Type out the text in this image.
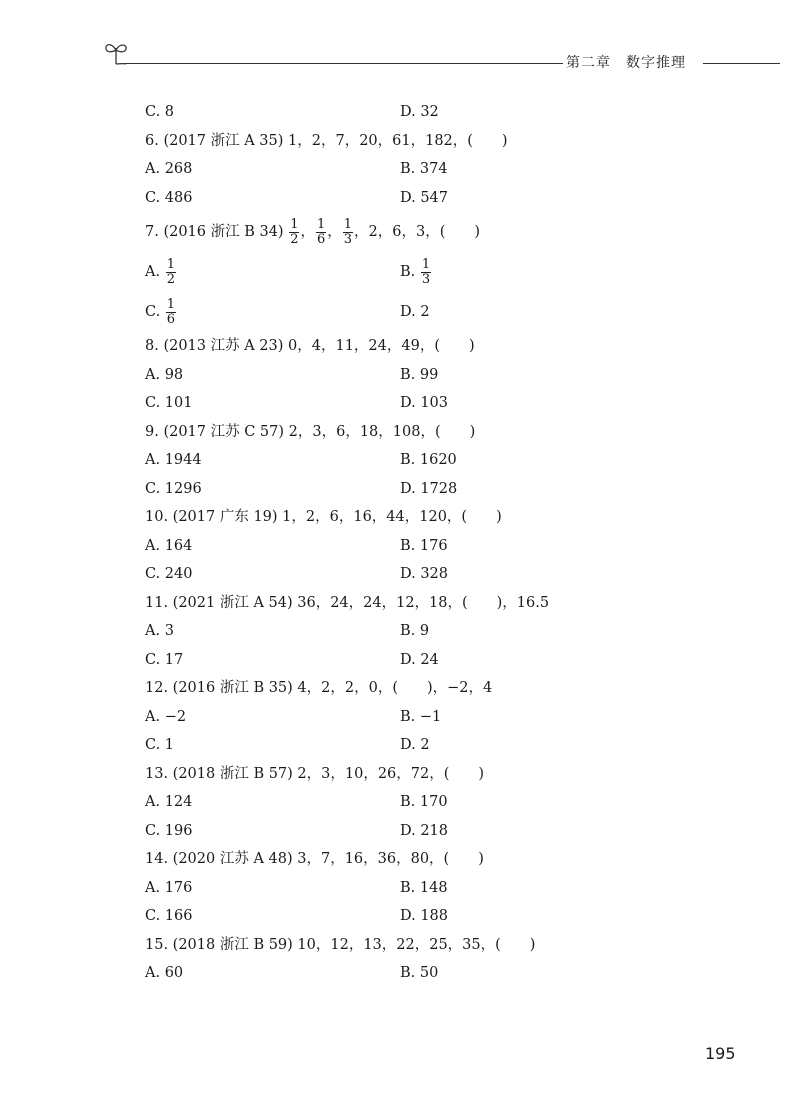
第二章　数字推理
C. 8	D. 32
6. (2017 浙江 A 35) 1，2，7，20，61，182，(　　)
A. 268	B. 374
C. 486	D. 547
7. (2016 浙江 B $34) \frac{1}{2}$ ， $\frac{1}{6}$ ， $\frac{1}{3}$ ，2，6，3，(　　)
A. $\frac{1}{2}$	B. $\frac{1}{3}$
C. $\frac{1}{6}$	D. 2
8. (2013 江苏 A 23) 0，4，11，24，49，(　　)
A. 98	B. 99
C. 101	D. 103
9. (2017 江苏 C 57) 2，3，6，18，108，(　　)
A. 1944	B. 1620
C. 1296	D. 1728
10. (2017 广东 19) 1，2，6，16，44，120，(　　)
A. 164	B. 176
C. 240	D. 328
11. (2021 浙江 A 54) 36，24，24，12，18，(　　)，16.5
A. 3	B. 9
C. 17	D. 24
12. (2016 浙江 B 35) 4，2，2，0，(　　)，−2，4
A. −2	B. −1
C. 1	D. 2
13. (2018 浙江 B 57) 2，3，10，26，72，(　　)
A. 124	B. 170
C. 196	D. 218
14. (2020 江苏 A 48) 3，7，16，36，80，(　　)
A. 176	B. 148
C. 166	D. 188
15. (2018 浙江 B 59) 10，12，13，22，25，35，(　　)
A. 60	B. 50
195
